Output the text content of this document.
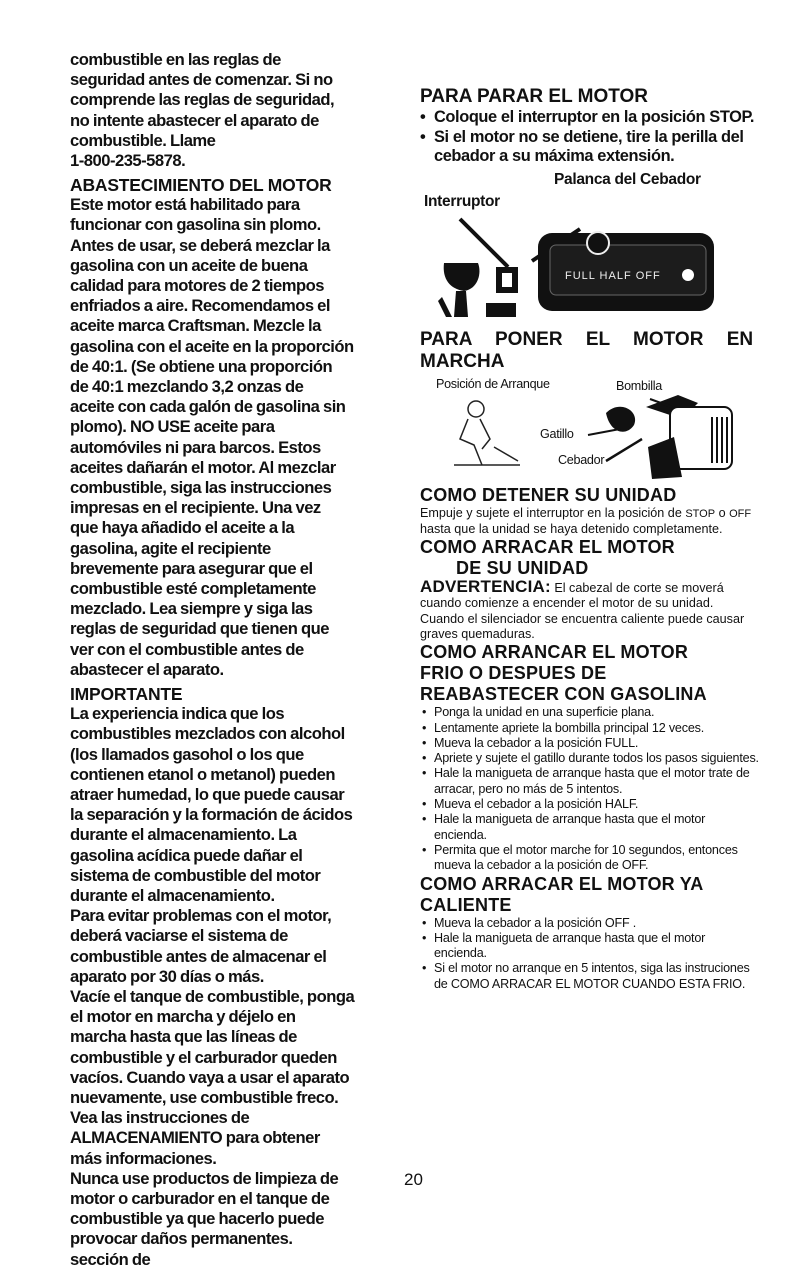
combustible en las reglas de
seguridad antes de comenzar. Si no
comprende las reglas de seguridad,
no intente abastecer el aparato de
combustible. Llame
1-800-235-5878.
ABASTECIMIENTO DEL MOTOR
Este motor está habilitado para
funcionar con gasolina sin plomo.
Antes de usar, se deberá mezclar la
gasolina con un aceite de buena
calidad para motores de 2 tiempos
enfriados a aire. Recomendamos el
aceite marca Craftsman. Mezcle la
gasolina con el aceite en la proporción
de 40:1. (Se obtiene una proporción
de 40:1 mezclando 3,2 onzas de
aceite con cada galón de gasolina sin
plomo). NO USE aceite para
automóviles ni para barcos. Estos
aceites dañarán el motor. Al mezclar
combustible, siga las instrucciones
impresas en el recipiente. Una vez
que haya añadido el aceite a la
gasolina, agite el recipiente
brevemente para asegurar que el
combustible esté completamente
mezclado. Lea siempre y siga las
reglas de seguridad que tienen que
ver con el combustible antes de
abastecer el aparato.
IMPORTANTE
La experiencia indica que los
combustibles mezclados con alcohol
(los llamados gasohol o los que
contienen etanol o metanol) pueden
atraer humedad, lo que puede causar
la separación y la formación de ácidos
durante el almacenamiento. La
gasolina acídica puede dañar el
sistema de combustible del motor
durante el almacenamiento.
Para evitar problemas con el motor,
deberá vaciarse el sistema de
combustible antes de almacenar el
aparato por 30 días o más.
Vacíe el tanque de combustible, ponga
el motor en marcha y déjelo en
marcha hasta que las líneas de
combustible y el carburador queden
vacíos. Cuando vaya a usar el aparato
nuevamente, use combustible freco.
Vea las instrucciones de
ALMACENAMIENTO para obtener
más informaciones.
Nunca use productos de limpieza de
motor o carburador en el tanque de
combustible ya que hacerlo puede
provocar daños permanentes.
sección de
PARA PARAR EL MOTOR
• Coloque el interruptor en la posición STOP.
• Si el motor no se detiene, tire la perilla del cebador a su máxima extensión.
Palanca del Cebador
Interruptor
FULL HALF OFF
PARA PONER EL MOTOR EN MARCHA
Posición de Arranque	Bombilla
Gatillo
Cebador
COMO DETENER SU UNIDAD

Empuje y sujete el interruptor en la posición de STOP o OFF hasta que la unidad se haya detenido completamente.

COMO ARRACAR EL MOTOR
DE SU UNIDAD

ADVERTENCIA: El cabezal de corte se moverá cuando comienze a encender el motor de su unidad. Cuando el silenciador se encuentra caliente puede causar graves quemaduras.

COMO ARRANCAR EL MOTOR
FRIO O DESPUES DE
REABASTECER CON GASOLINA
• Ponga la unidad en una superficie plana.
• Lentamente apriete la bombilla principal 12 veces.
• Mueva la cebador a la posición FULL.
• Apriete y sujete el gatillo durante todos los pasos siguientes.
• Hale la manigueta de arranque hasta que el motor trate de arracar, pero no más de 5 intentos.
• Mueva el cebador a la posición HALF.
• Hale la manigueta de arranque hasta que el motor encienda.
• Permita que el motor marche for 10 segundos, entonces mueva la cebador a la posición de OFF.
COMO ARRACAR EL MOTOR YA
CALIENTE
• Mueva la cebador a la posición OFF .
• Hale la manigueta de arranque hasta que el motor encienda.
• Si el motor no arranque en 5 intentos, siga las instruciones de COMO ARRACAR EL MOTOR CUANDO ESTA FRIO.
20
